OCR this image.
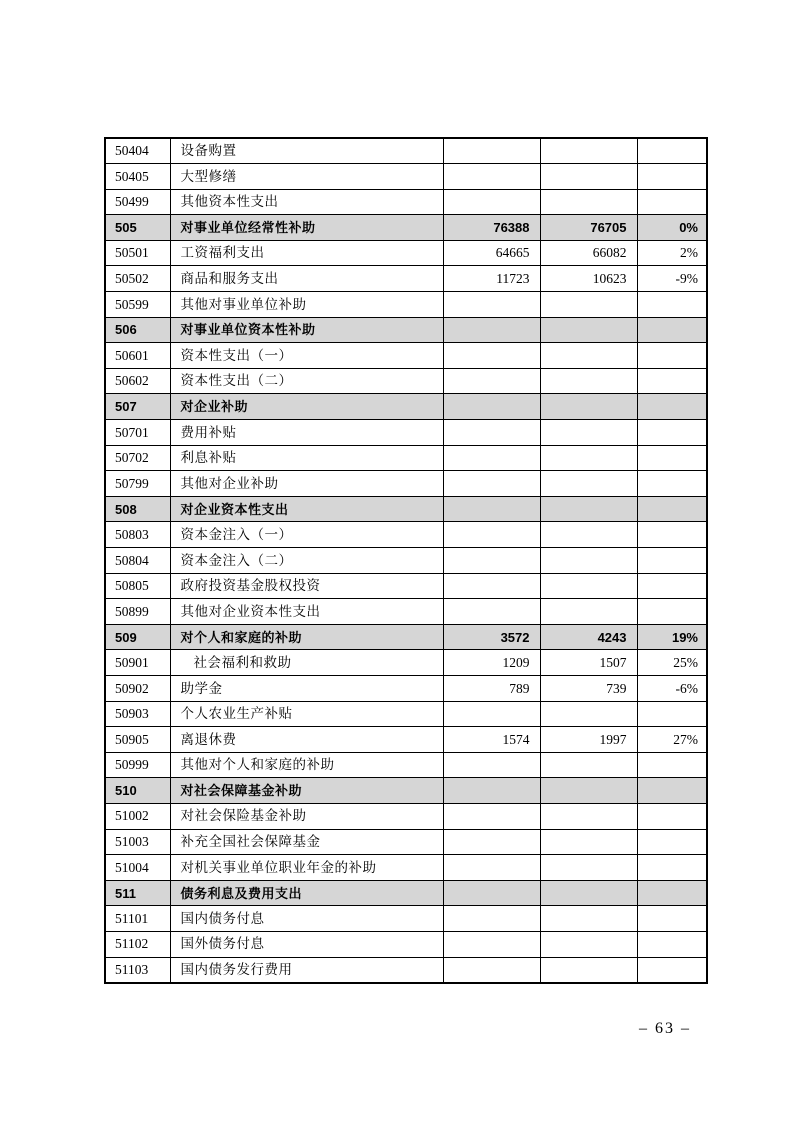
50404	设备购置			
50405	大型修缮			
50499	其他资本性支出			
505	对事业单位经常性补助	76388	76705	0%
50501	工资福利支出	64665	66082	2%
50502	商品和服务支出	11723	10623	-9%
50599	其他对事业单位补助			
506	对事业单位资本性补助			
50601	资本性支出（一）			
50602	资本性支出（二）			
507	对企业补助			
50701	费用补贴			
50702	利息补贴			
50799	其他对企业补助			
508	对企业资本性支出			
50803	资本金注入（一）			
50804	资本金注入（二）			
50805	政府投资基金股权投资			
50899	其他对企业资本性支出			
509	对个人和家庭的补助	3572	4243	19%
50901	社会福利和救助	1209	1507	25%
50902	助学金	789	739	-6%
50903	个人农业生产补贴			
50905	离退休费	1574	1997	27%
50999	其他对个人和家庭的补助			
510	对社会保障基金补助			
51002	对社会保险基金补助			
51003	补充全国社会保障基金			
51004	对机关事业单位职业年金的补助			
511	债务利息及费用支出			
51101	国内债务付息			
51102	国外债务付息			
51103	国内债务发行费用			
– 63 –
